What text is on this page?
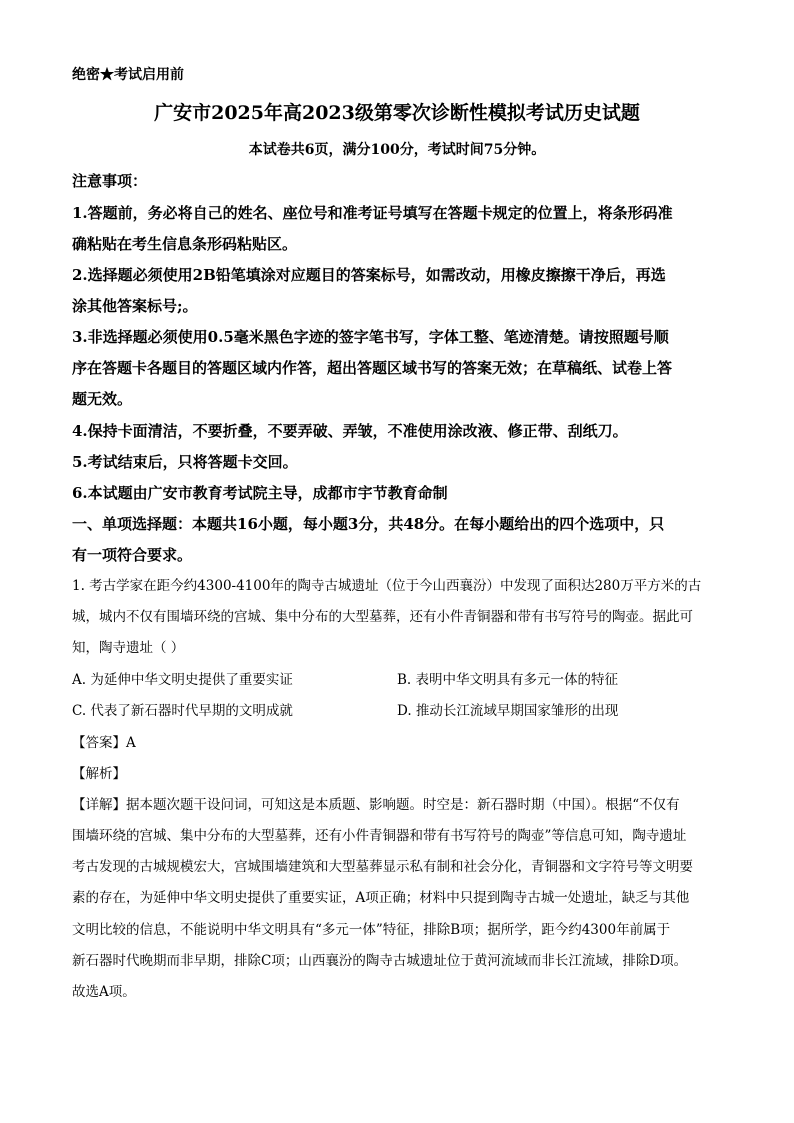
绝密★考试启用前
广安市2025年高2023级第零次诊断性模拟考试历史试题
本试卷共6页，满分100分，考试时间75分钟。
注意事项：
1.答题前，务必将自己的姓名、座位号和准考证号填写在答题卡规定的位置上，将条形码准
确粘贴在考生信息条形码粘贴区。
2.选择题必须使用2B铅笔填涂对应题目的答案标号，如需改动，用橡皮擦擦干净后，再选
涂其他答案标号;。
3.非选择题必须使用0.5毫米黑色字迹的签字笔书写，字体工整、笔迹清楚。请按照题号顺
序在答题卡各题目的答题区域内作答，超出答题区域书写的答案无效；在草稿纸、试卷上答
题无效。
4.保持卡面清洁，不要折叠，不要弄破、弄皱，不准使用涂改液、修正带、刮纸刀。
5.考试结束后，只将答题卡交回。
6.本试题由广安市教育考试院主导，成都市宇节教育命制
一、单项选择题：本题共16小题，每小题3分，共48分。在每小题给出的四个选项中，只
有一项符合要求。
1. 考古学家在距今约4300-4100年的陶寺古城遗址（位于今山西襄汾）中发现了面积达280万平方米的古
城，城内不仅有围墙环绕的宫城、集中分布的大型墓葬，还有小件青铜器和带有书写符号的陶壶。据此可
知，陶寺遗址（ ）
A. 为延伸中华文明史提供了重要实证	B. 表明中华文明具有多元一体的特征
C. 代表了新石器时代早期的文明成就	D. 推动长江流域早期国家雏形的出现
【答案】A
【解析】
【详解】据本题次题干设问词，可知这是本质题、影响题。时空是：新石器时期（中国）。根据“不仅有
围墙环绕的宫城、集中分布的大型墓葬，还有小件青铜器和带有书写符号的陶壶”等信息可知，陶寺遗址
考古发现的古城规模宏大，宫城围墙建筑和大型墓葬显示私有制和社会分化，青铜器和文字符号等文明要
素的存在，为延伸中华文明史提供了重要实证，A项正确；材料中只提到陶寺古城一处遗址，缺乏与其他
文明比较的信息，不能说明中华文明具有“多元一体”特征，排除B项；据所学，距今约4300年前属于
新石器时代晚期而非早期，排除C项；山西襄汾的陶寺古城遗址位于黄河流域而非长江流域，排除D项。
故选A项。
